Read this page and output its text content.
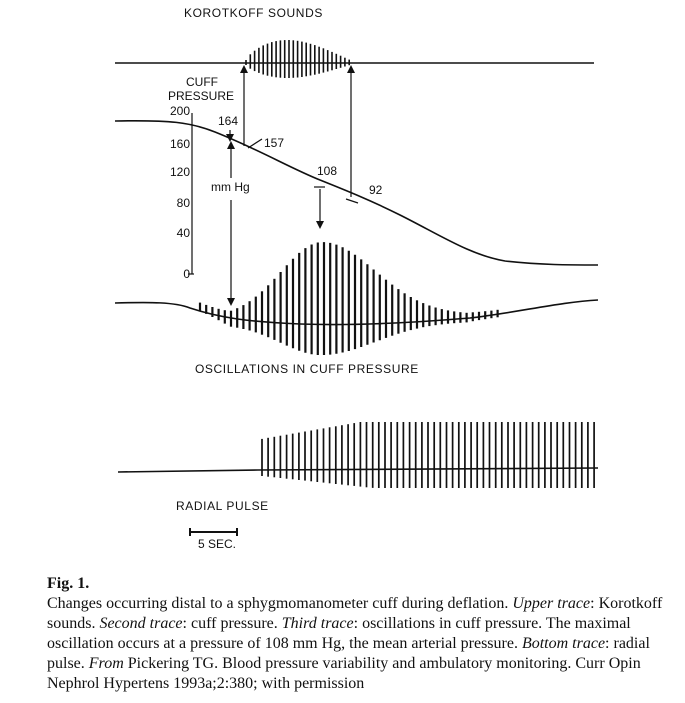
KOROTKOFF SOUNDS
CUFF
PRESSURE
200
160
120
80
40
0
mm Hg
164
157
108
92
OSCILLATIONS IN CUFF PRESSURE
RADIAL PULSE
5 SEC.
Fig. 1.
Changes occurring distal to a sphygmomanometer cuff during deflation. Upper trace: Korotkoff sounds. Second trace: cuff pressure. Third trace: oscillations in cuff pressure. The maximal oscillation occurs at a pressure of 108 mm Hg, the mean arterial pressure. Bottom trace: radial pulse. From Pickering TG. Blood pressure variability and ambulatory monitoring. Curr Opin Nephrol Hypertens 1993a;2:380; with permission
